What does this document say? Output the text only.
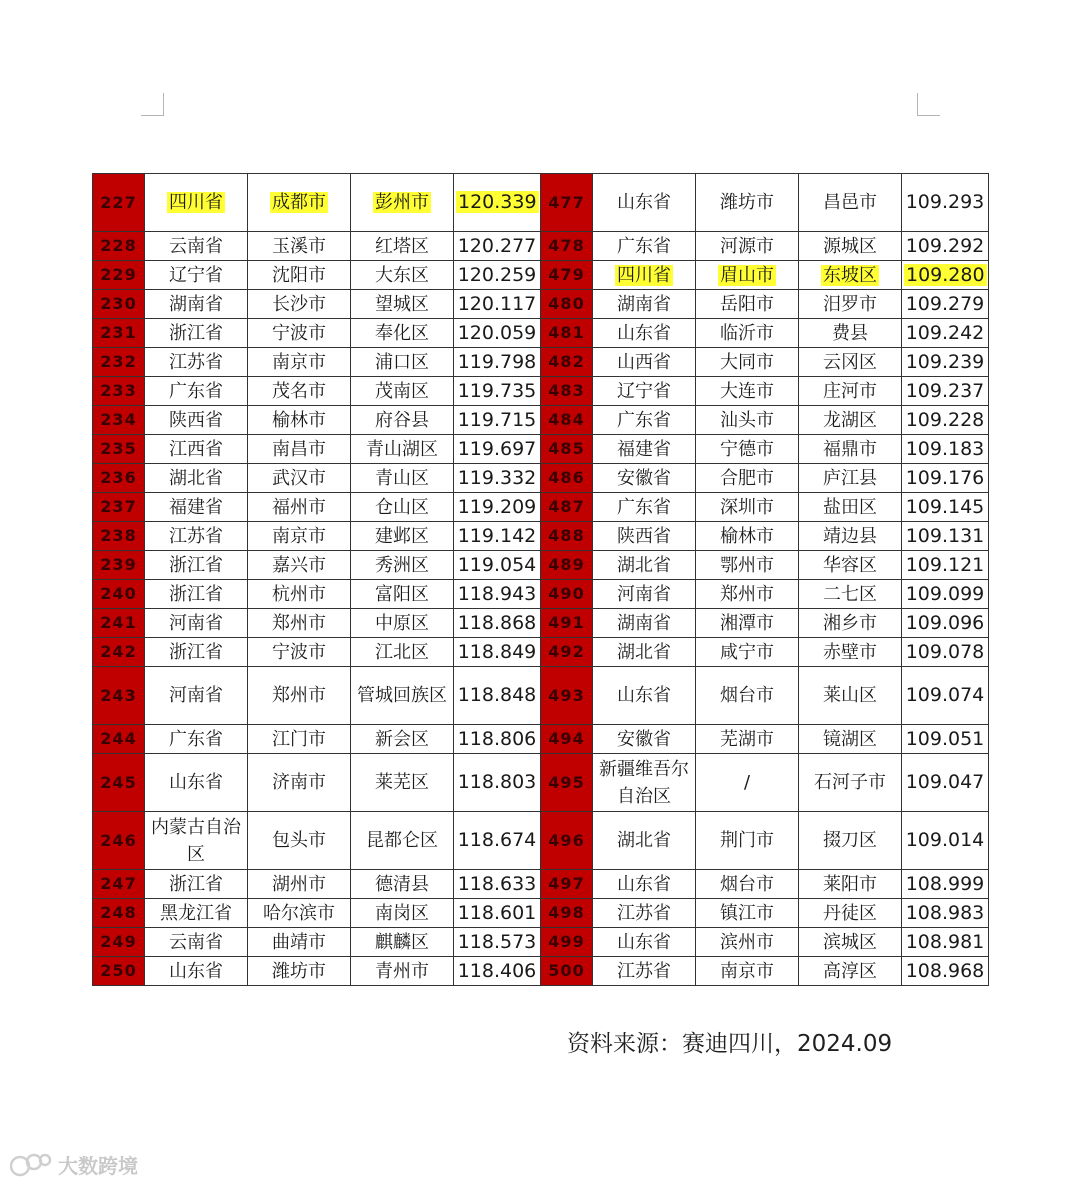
227	四川省	成都市	彭州市	120.339	477	山东省	潍坊市	昌邑市	109.293
228	云南省	玉溪市	红塔区	120.277	478	广东省	河源市	源城区	109.292
229	辽宁省	沈阳市	大东区	120.259	479	四川省	眉山市	东坡区	109.280
230	湖南省	长沙市	望城区	120.117	480	湖南省	岳阳市	汨罗市	109.279
231	浙江省	宁波市	奉化区	120.059	481	山东省	临沂市	费县	109.242
232	江苏省	南京市	浦口区	119.798	482	山西省	大同市	云冈区	109.239
233	广东省	茂名市	茂南区	119.735	483	辽宁省	大连市	庄河市	109.237
234	陕西省	榆林市	府谷县	119.715	484	广东省	汕头市	龙湖区	109.228
235	江西省	南昌市	青山湖区	119.697	485	福建省	宁德市	福鼎市	109.183
236	湖北省	武汉市	青山区	119.332	486	安徽省	合肥市	庐江县	109.176
237	福建省	福州市	仓山区	119.209	487	广东省	深圳市	盐田区	109.145
238	江苏省	南京市	建邺区	119.142	488	陕西省	榆林市	靖边县	109.131
239	浙江省	嘉兴市	秀洲区	119.054	489	湖北省	鄂州市	华容区	109.121
240	浙江省	杭州市	富阳区	118.943	490	河南省	郑州市	二七区	109.099
241	河南省	郑州市	中原区	118.868	491	湖南省	湘潭市	湘乡市	109.096
242	浙江省	宁波市	江北区	118.849	492	湖北省	咸宁市	赤壁市	109.078
243	河南省	郑州市	管城回族区	118.848	493	山东省	烟台市	莱山区	109.074
244	广东省	江门市	新会区	118.806	494	安徽省	芜湖市	镜湖区	109.051
245	山东省	济南市	莱芜区	118.803	495	新疆维吾尔自治区	/	石河子市	109.047
246	内蒙古自治区	包头市	昆都仑区	118.674	496	湖北省	荆门市	掇刀区	109.014
247	浙江省	湖州市	德清县	118.633	497	山东省	烟台市	莱阳市	108.999
248	黑龙江省	哈尔滨市	南岗区	118.601	498	江苏省	镇江市	丹徒区	108.983
249	云南省	曲靖市	麒麟区	118.573	499	山东省	滨州市	滨城区	108.981
250	山东省	潍坊市	青州市	118.406	500	江苏省	南京市	高淳区	108.968
资料来源：赛迪四川，2024.09
大数跨境
